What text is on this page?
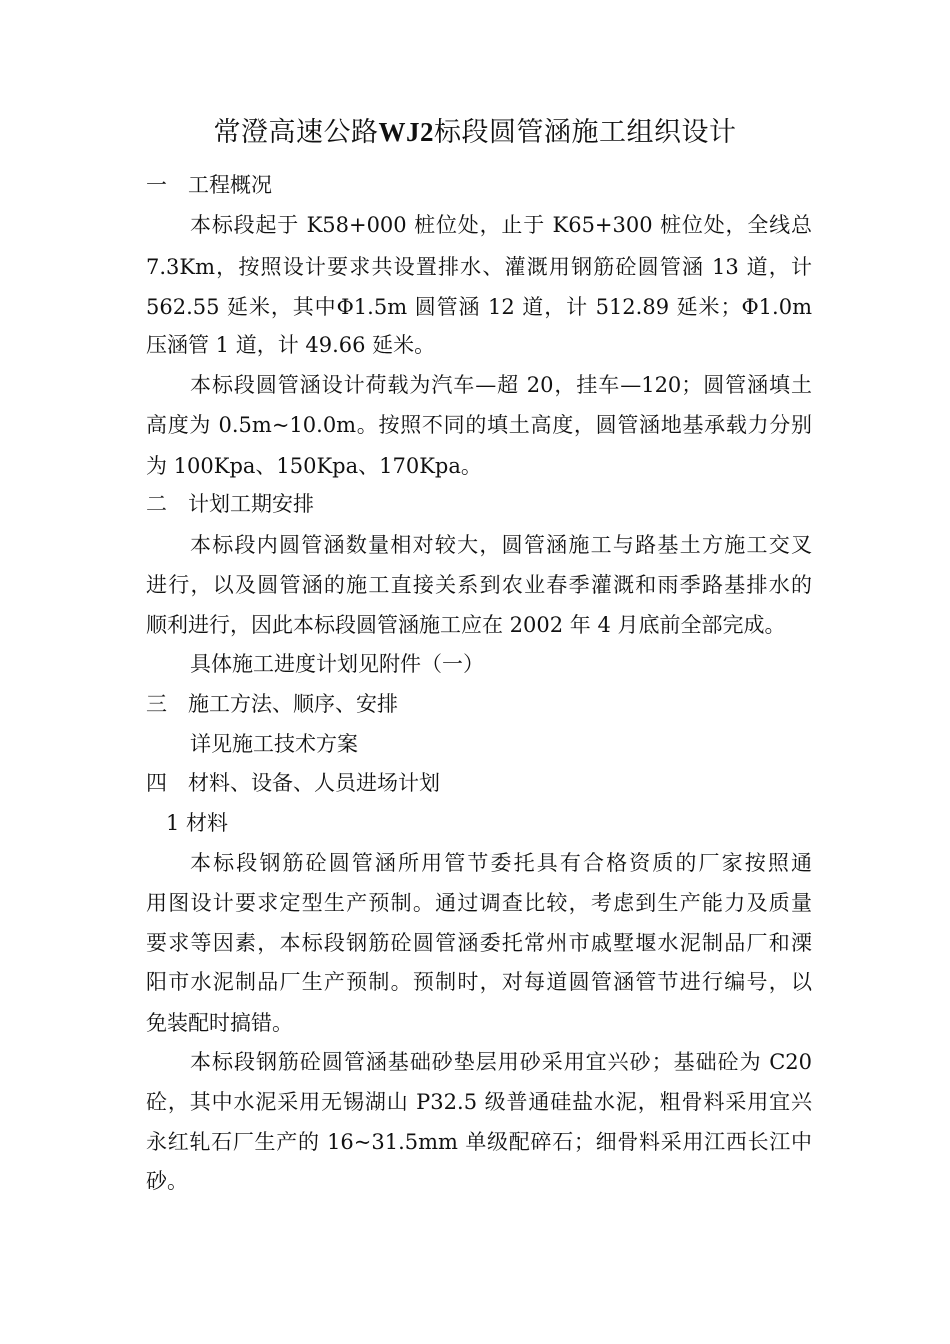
常澄高速公路WJ2标段圆管涵施工组织设计
一 工程概况
本标段起于 K58+000 桩位处，止于 K65+300 桩位处，全线总
7.3Km，按照设计要求共设置排水、灌溉用钢筋砼圆管涵 13 道，计
562.55 延米，其中Φ1.5m 圆管涵 12 道，计 512.89 延米；Φ1.0m
压涵管 1 道，计 49.66 延米。
本标段圆管涵设计荷载为汽车—超 20，挂车—120；圆管涵填土
高度为 0.5m~10.0m。按照不同的填土高度，圆管涵地基承载力分别
为 100Kpa、150Kpa、170Kpa。
二 计划工期安排
本标段内圆管涵数量相对较大，圆管涵施工与路基土方施工交叉
进行，以及圆管涵的施工直接关系到农业春季灌溉和雨季路基排水的
顺利进行，因此本标段圆管涵施工应在 2002 年 4 月底前全部完成。
具体施工进度计划见附件（一）
三 施工方法、顺序、安排
详见施工技术方案
四 材料、设备、人员进场计划
1 材料
本标段钢筋砼圆管涵所用管节委托具有合格资质的厂家按照通
用图设计要求定型生产预制。通过调查比较，考虑到生产能力及质量
要求等因素，本标段钢筋砼圆管涵委托常州市戚墅堰水泥制品厂和溧
阳市水泥制品厂生产预制。预制时，对每道圆管涵管节进行编号，以
免装配时搞错。
本标段钢筋砼圆管涵基础砂垫层用砂采用宜兴砂；基础砼为 C20
砼，其中水泥采用无锡湖山 P32.5 级普通硅盐水泥，粗骨料采用宜兴
永红轧石厂生产的 16~31.5mm 单级配碎石；细骨料采用江西长江中
砂。
